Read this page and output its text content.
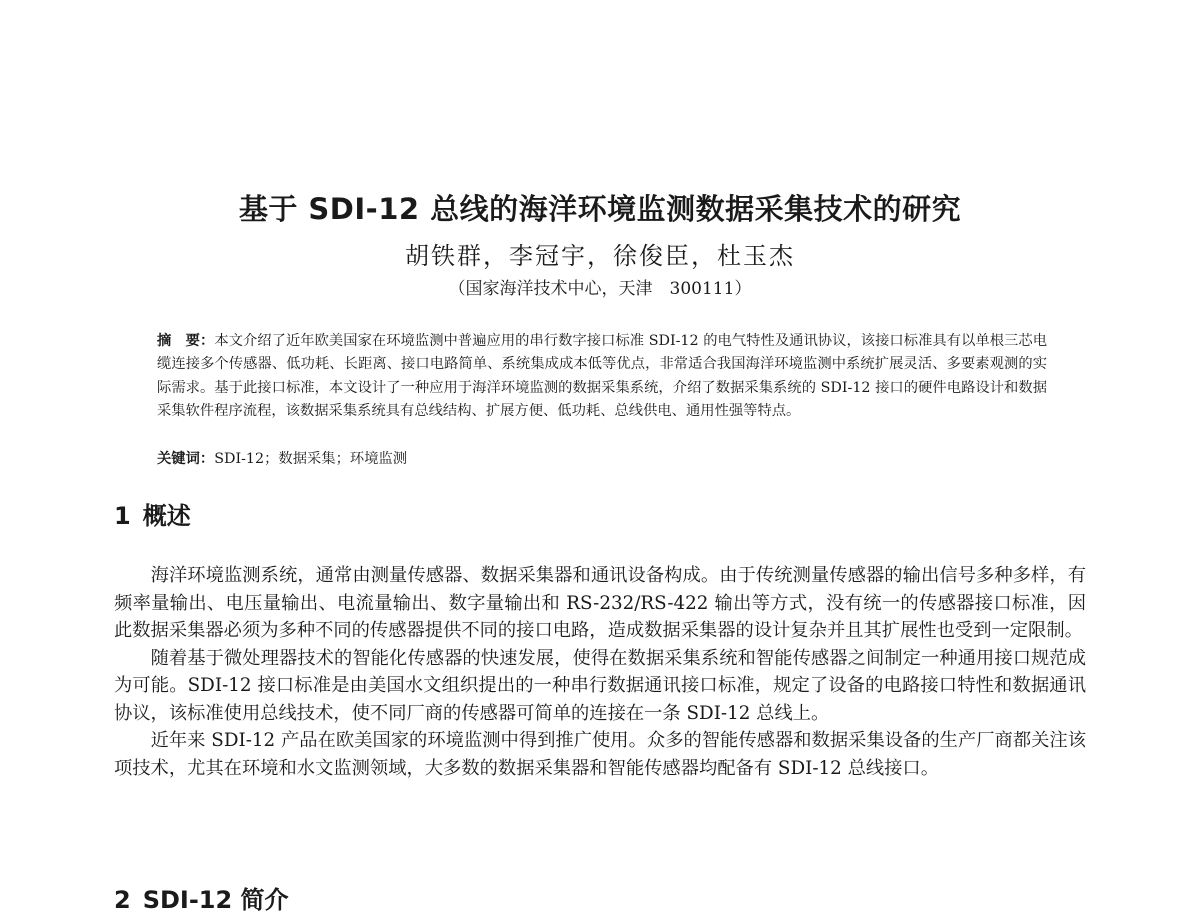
基于 SDI-12 总线的海洋环境监测数据采集技术的研究
胡铁群，李冠宇，徐俊臣，杜玉杰
（国家海洋技术中心，天津　300111）
摘　要：本文介绍了近年欧美国家在环境监测中普遍应用的串行数字接口标准 SDI-12 的电气特性及通讯协议，该接口标准具有以单根三芯电缆连接多个传感器、低功耗、长距离、接口电路简单、系统集成成本低等优点，非常适合我国海洋环境监测中系统扩展灵活、多要素观测的实际需求。基于此接口标准，本文设计了一种应用于海洋环境监测的数据采集系统，介绍了数据采集系统的 SDI-12 接口的硬件电路设计和数据采集软件程序流程，该数据采集系统具有总线结构、扩展方便、低功耗、总线供电、通用性强等特点。
关键词：SDI-12；数据采集；环境监测
1 概述

海洋环境监测系统，通常由测量传感器、数据采集器和通讯设备构成。由于传统测量传感器的输出信号多种多样，有频率量输出、电压量输出、电流量输出、数字量输出和 RS-232/RS-422 输出等方式，没有统一的传感器接口标准，因此数据采集器必须为多种不同的传感器提供不同的接口电路，造成数据采集器的设计复杂并且其扩展性也受到一定限制。

随着基于微处理器技术的智能化传感器的快速发展，使得在数据采集系统和智能传感器之间制定一种通用接口规范成为可能。SDI-12 接口标准是由美国水文组织提出的一种串行数据通讯接口标准，规定了设备的电路接口特性和数据通讯协议，该标准使用总线技术，使不同厂商的传感器可简单的连接在一条 SDI-12 总线上。

近年来 SDI-12 产品在欧美国家的环境监测中得到推广使用。众多的智能传感器和数据采集设备的生产厂商都关注该项技术，尤其在环境和水文监测领域，大多数的数据采集器和智能传感器均配备有 SDI-12 总线接口。

2 SDI-12 简介
